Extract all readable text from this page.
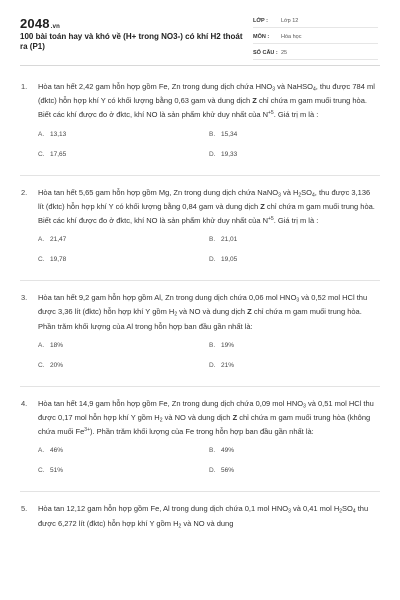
2048.vn
100 bài toán hay và khó về (H+ trong NO3-) có khí H2 thoát ra (P1)
LỚP :	Lớp 12
MÔN :	Hóa học
SỐ CÂU : 25
1. Hòa tan hết 2,42 gam hỗn hợp gồm Fe, Zn trong dung dịch chứa $HNO_3$ và NaHSO$_4$, thu được 784 ml (đktc) hỗn hợp khí Y có khối lượng bằng 0,63 gam và dung dịch Z chỉ chứa m gam muối trung hòa. Biết các khí được đo ở đktc, khí NO là sản phẩm khử duy nhất của $N^{+5}$. Giá trị m là :
A. 13,13	B. 15,34
C. 17,65	D. 19,33
2. Hòa tan hết 5,65 gam hỗn hợp gồm Mg, Zn trong dung dịch chứa NaNO$_3$ và $H_2SO_4$, thu được 3,136 lít (đktc) hỗn hợp khí Y có khối lượng bằng 0,84 gam và dung dịch Z chỉ chứa m gam muối trung hòa. Biết các khí được đo ở đktc, khí NO là sản phẩm khử duy nhất của $N^{+5}$. Giá trị m là :
A. 21,47	B. 21,01
C. 19,78	D. 19,05
3. Hòa tan hết 9,2 gam hỗn hợp gồm Al, Zn trong dung dịch chứa 0,06 mol $HNO_3$ và 0,52 mol HCl thu được 3,36 lít (đktc) hỗn hợp khí Y gồm $H_2$ và NO và dung dịch Z chỉ chứa m gam muối trung hòa. Phần trăm khối lượng của Al trong hỗn hợp ban đầu gần nhất là:
A. 18%	B. 19%
C. 20%	D. 21%
4. Hòa tan hết 14,9 gam hỗn hợp gồm Fe, Zn trong dung dịch chứa 0,09 mol $HNO_3$ và 0,51 mol HCl thu được 0,17 mol hỗn hợp khí Y gồm $H_2$ và NO và dung dịch Z chỉ chứa m gam muối trung hòa (không chứa muối $Fe^{3+}$). Phần trăm khối lượng của Fe trong hỗn hợp ban đầu gần nhất là:
A. 46%	B. 49%
C. 51%	D. 56%
5. Hòa tan 12,12 gam hỗn hợp gồm Fe, Al trong dung dịch chứa 0,1 mol $HNO_3$ và 0,41 mol $H_2SO_4$ thu được 6,272 lít (đktc) hỗn hợp khí Y gồm $H_2$ và NO và dung
